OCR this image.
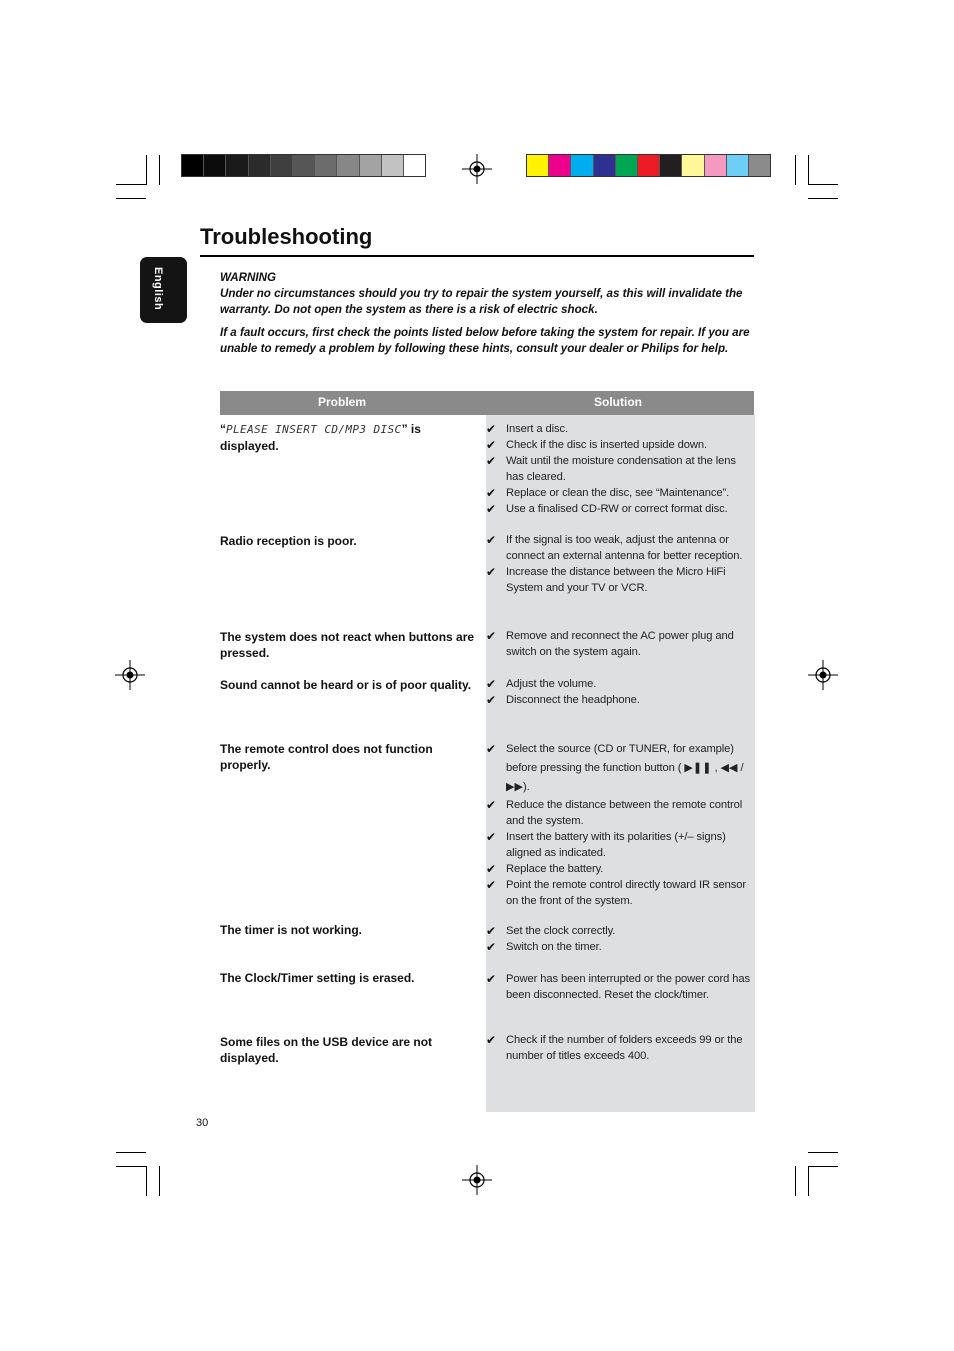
Troubleshooting
English	WARNING
Under no circumstances should you try to repair the system yourself, as this will invalidate the warranty. Do not open the system as there is a risk of electric shock.
If a fault occurs, first check the points listed below before taking the system for repair. If you are unable to remedy a problem by following these hints, consult your dealer or Philips for help.
Problem	Solution
“PLEASE INSERT CD/MP3 DISC” is displayed.
✔ Insert a disc.
✔ Check if the disc is inserted upside down.
✔ Wait until the moisture condensation at the lens has cleared.
✔ Replace or clean the disc, see “Maintenance”.
✔ Use a finalised CD-RW or correct format disc.
Radio reception is poor.	✔ If the signal is too weak, adjust the antenna or connect an external antenna for better reception.
✔ Increase the distance between the Micro HiFi System and your TV or VCR.
The system does not react when buttons are pressed.
✔ Remove and reconnect the AC power plug and switch on the system again.
Sound cannot be heard or is of poor quality.	✔ Adjust the volume.
✔ Disconnect the headphone.
The remote control does not function properly.
✔ Select the source (CD or TUNER, for example) before pressing the function button ( ▶❚❚ , ◀◀ / ▶▶).
✔ Reduce the distance between the remote control and the system.
✔ Insert the battery with its polarities (+/– signs) aligned as indicated.
✔ Replace the battery.
✔ Point the remote control directly toward IR sensor on the front of the system.
The timer is not working.	✔ Set the clock correctly.
✔ Switch on the timer.
The Clock/Timer setting is erased.	✔ Power has been interrupted or the power cord has been disconnected. Reset the clock/timer.
Some files on the USB device are not displayed.
✔ Check if the number of folders exceeds 99 or the number of titles exceeds 400.
30
